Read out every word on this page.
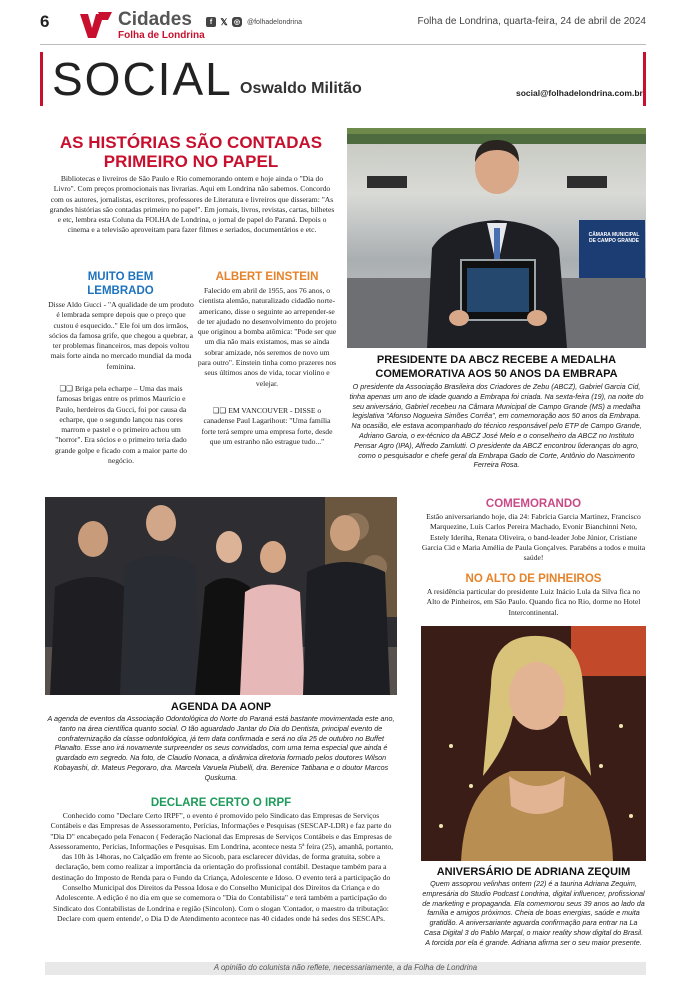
6	Cidades
Folha de Londrina
f 𝕏 ◎ @folhadelondrina	Folha de Londrina, quarta-feira, 24 de abril de 2024
SOCIAL Oswaldo Militão	social@folhadelondrina.com.br
AS HISTÓRIAS SÃO CONTADAS
PRIMEIRO NO PAPEL
Bibliotecas e livreiros de São Paulo e Rio comemorando ontem e hoje ainda o "Dia do Livro". Com preços promocionais nas livrarias. Aqui em Londrina não sabemos. Concordo com os autores, jornalistas, escritores, professores de Literatura e livreiros que disseram: "As grandes histórias são contadas primeiro no papel". Em jornais, livros, revistas, cartas, bilhetes e etc, lembra esta Coluna da FOLHA de Londrina, o jornal de papel do Paraná. Depois o cinema e a televisão aproveitam para fazer filmes e seriados, documentários e etc.
MUITO BEM
LEMBRADO
Disse Aldo Gucci - "A qualidade de um produto é lembrada sempre depois que o preço que custou é esquecido.." Ele foi um dos irmãos, sócios da famosa grife, que chegou a quebrar, a ter problemas financeiros, mas depois voltou mais forte ainda no mercado mundial da moda feminina.
❑❑ Briga pela echarpe – Uma das mais famosas brigas entre os primos Maurício e Paulo, herdeiros da Gucci, foi por causa da echarpe, que o segundo lançou nas cores marrom e pastel e o primeiro achou um "horror". Era sócios e o primeiro teria dado grande golpe e ficado com a maior parte do negócio.
ALBERT EINSTEIN
Falecido em abril de 1955, aos 76 anos, o cientista alemão, naturalizado cidadão norte-americano, disse o seguinte ao arrepender-se de ter ajudado no desenvolvimento do projeto que originou a bomba atômica: "Pode ser que um dia não mais existamos, mas se ainda sobrar amizade, nós seremos de novo um para outro". Einstein tinha como prazeres nos seus últimos anos de vida, tocar violino e velejar.
❑❑ EM VANCOUVER - DISSE o canadense Paul Lagarihout: "Uma família forte terá sempre uma empresa forte, desde que um estranho não estrague tudo..."
CÂMARA MUNICIPAL DE CAMPO GRANDE
PRESIDENTE DA ABCZ RECEBE A MEDALHA
COMEMORATIVA AOS 50 ANOS DA EMBRAPA
O presidente da Associação Brasileira dos Criadores de Zebu (ABCZ), Gabriel Garcia Cid, tinha apenas um ano de idade quando a Embrapa foi criada. Na sexta-feira (19), na noite do seu aniversário, Gabriel recebeu na Câmara Municipal de Campo Grande (MS) a medalha legislativa "Afonso Nogueira Simões Corrêa", em comemoração aos 50 anos da Embrapa. Na ocasião, ele estava acompanhado do técnico responsável pelo ETP de Campo Grande, Adriano Garcia, o ex-técnico da ABCZ José Melo e o conselheiro da ABCZ no Instituto Pensar Agro (IPA), Alfredo Zamlutti. O presidente da ABCZ encontrou lideranças do agro, como o pesquisador e chefe geral da Embrapa Gado de Corte, Antônio do Nascimento Ferreira Rosa.
AGENDA DA AONP
A agenda de eventos da Associação Odontológica do Norte do Paraná está bastante movimentada este ano, tanto na área científica quanto social. O tão aguardado Jantar do Dia do Dentista, principal evento de confraternização da classe odontológica, já tem data confirmada e será no dia 25 de outubro no Buffet Planalto. Esse ano irá novamente surpreender os seus convidados, com uma tema especial que ainda é guardado em segredo. Na foto, de Claudio Nonaca, a dinâmica diretoria formado pelos doutores Wilson Kobayashi, dr. Mateus Pegoraro, dra. Marcela Varuela Piubelli, dra. Berenice Tatibana e o doutor Marcos Quskuma.
DECLARE CERTO O IRPF
Conhecido como "Declare Certo IRPF", o evento é promovido pelo Sindicato das Empresas de Serviços Contábeis e das Empresas de Assessoramento, Perícias, Informações e Pesquisas (SESCAP-LDR) e faz parte do "Dia D" encabeçado pela Fenacon ( Federação Nacional das Empresas de Serviços Contábeis e das Empresas de Assessoramento, Perícias, Informações e Pesquisas. Em Londrina, acontece nesta 5ª feira (25), amanhã, portanto, das 10h às 14horas, no Calçadão em frente ao Sicoob, para esclarecer dúvidas, de forma gratuita, sobre a declaração, bem como realizar a importância da orientação do profissional contábil. Destaque também para a destinação do Imposto de Renda para o Fundo da Criança, Adolescente e Idoso. O evento terá a participação do Conselho Municipal dos Direitos da Pessoa Idosa e do Conselho Municipal dos Direitos da Criança e do Adolescente. A edição é no dia em que se comemora o "Dia do Contabilista" e terá também a participação do Sindicato dos Contabilistas de Londrina e região (Sincolon). Com o slogan 'Contador, o maestro da tributação: Declare com quem entende', o Dia D de Atendimento acontece nas 40 cidades onde há sedes dos SESCAPs.
COMEMORANDO
Estão aniversariando hoje, dia 24: Fabrícia Garcia Martinez, Francisco Marquezine, Luís Carlos Pereira Machado, Evonir Bianchinni Neto, Estely Ideriha, Renata Oliveira, o band-leader Jobe Júnior, Cristiane Garcia Cid e Maria Amélia de Paula Gonçalves. Parabéns a todos e muita saúde!
NO ALTO DE PINHEIROS
A residência particular do presidente Luiz Inácio Lula da Silva fica no Alto de Pinheiros, em São Paulo. Quando fica no Rio, dorme no Hotel Intercontinental.
ANIVERSÁRIO DE ADRIANA ZEQUIM
Quem assoprou velinhas ontem (22) é a taurina Adriana Zequim, empresária do Studio Podcast Londrina, digital influencer, profissional de marketing e propaganda. Ela comemorou seus 39 anos ao lado da família e amigos próximos. Cheia de boas energias, saúde e muita gratidão. A aniversariante aguarda confirmação para entrar na La Casa Digital 3 do Pablo Marçal, o maior reality show digital do Brasil. A torcida por ela é grande. Adriana afirma ser o seu maior presente.
A opinião do colunista não reflete, necessariamente, a da Folha de Londrina
